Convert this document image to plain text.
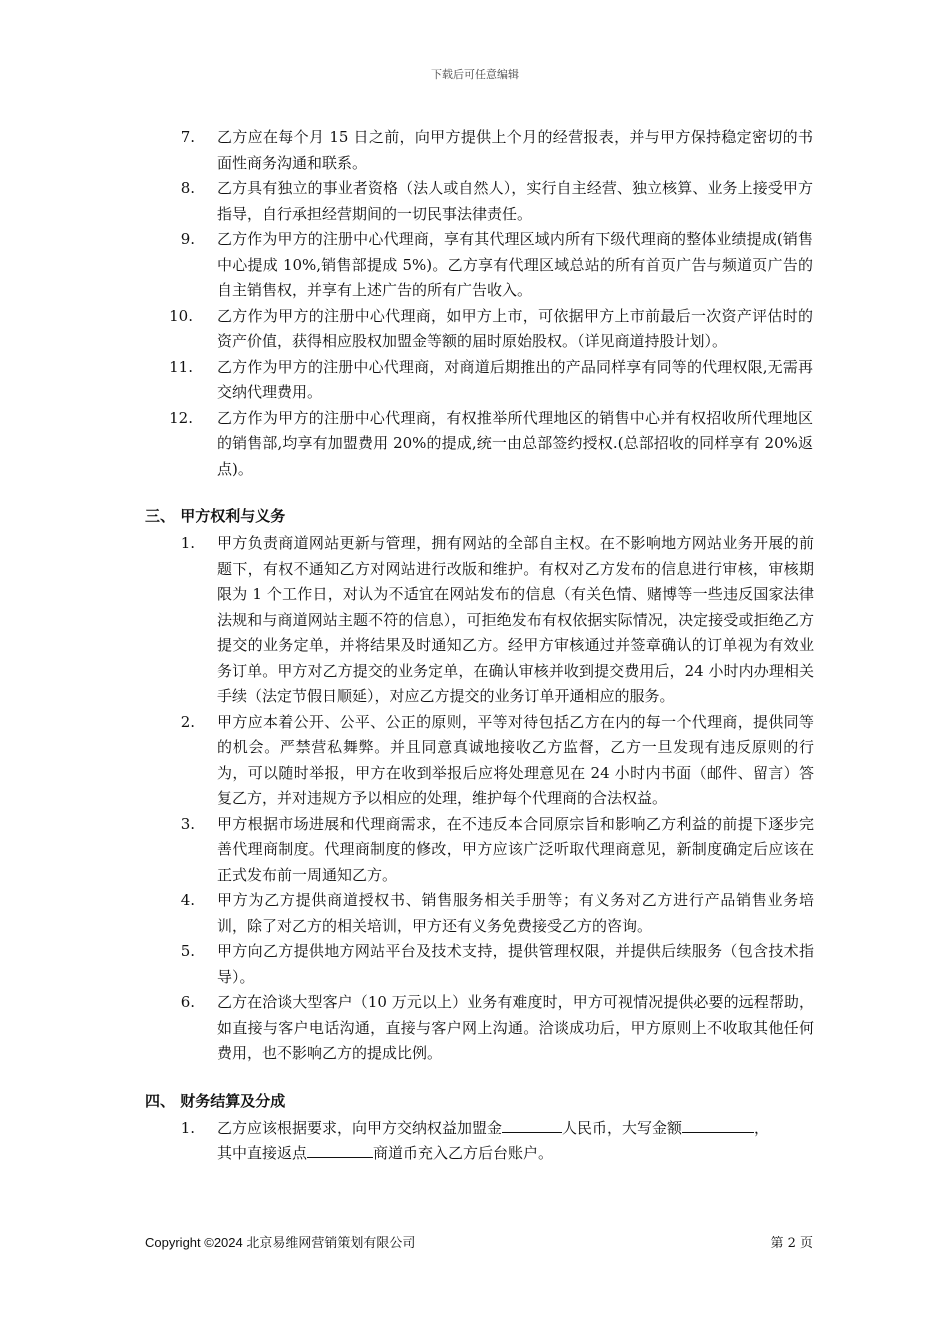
下载后可任意编辑
7. 乙方应在每个月 15 日之前，向甲方提供上个月的经营报表，并与甲方保持稳定密切的书面性商务沟通和联系。
8. 乙方具有独立的事业者资格（法人或自然人），实行自主经营、独立核算、业务上接受甲方指导，自行承担经营期间的一切民事法律责任。
9. 乙方作为甲方的注册中心代理商，享有其代理区域内所有下级代理商的整体业绩提成(销售中心提成 10%,销售部提成 5%)。乙方享有代理区域总站的所有首页广告与频道页广告的自主销售权，并享有上述广告的所有广告收入。
10. 乙方作为甲方的注册中心代理商，如甲方上市，可依据甲方上市前最后一次资产评估时的资产价值，获得相应股权加盟金等额的届时原始股权。（详见商道持股计划）。
11. 乙方作为甲方的注册中心代理商，对商道后期推出的产品同样享有同等的代理权限,无需再交纳代理费用。
12. 乙方作为甲方的注册中心代理商，有权推举所代理地区的销售中心并有权招收所代理地区的销售部,均享有加盟费用 20%的提成,统一由总部签约授权.(总部招收的同样享有 20%返点)。
三、 甲方权利与义务
1. 甲方负责商道网站更新与管理，拥有网站的全部自主权。在不影响地方网站业务开展的前题下，有权不通知乙方对网站进行改版和维护。有权对乙方发布的信息进行审核，审核期限为 1 个工作日，对认为不适宜在网站发布的信息（有关色情、赌博等一些违反国家法律法规和与商道网站主题不符的信息），可拒绝发布有权依据实际情况，决定接受或拒绝乙方提交的业务定单，并将结果及时通知乙方。经甲方审核通过并签章确认的订单视为有效业务订单。甲方对乙方提交的业务定单，在确认审核并收到提交费用后，24 小时内办理相关手续（法定节假日顺延），对应乙方提交的业务订单开通相应的服务。
2. 甲方应本着公开、公平、公正的原则，平等对待包括乙方在内的每一个代理商，提供同等的机会。严禁营私舞弊。并且同意真诚地接收乙方监督，乙方一旦发现有违反原则的行为，可以随时举报，甲方在收到举报后应将处理意见在 24 小时内书面（邮件、留言）答复乙方，并对违规方予以相应的处理，维护每个代理商的合法权益。
3. 甲方根据市场进展和代理商需求，在不违反本合同原宗旨和影响乙方利益的前提下逐步完善代理商制度。代理商制度的修改，甲方应该广泛听取代理商意见，新制度确定后应该在正式发布前一周通知乙方。
4. 甲方为乙方提供商道授权书、销售服务相关手册等；有义务对乙方进行产品销售业务培训，除了对乙方的相关培训，甲方还有义务免费接受乙方的咨询。
5. 甲方向乙方提供地方网站平台及技术支持，提供管理权限，并提供后续服务（包含技术指导）。
6. 乙方在洽谈大型客户（10 万元以上）业务有难度时，甲方可视情况提供必要的远程帮助，如直接与客户电话沟通，直接与客户网上沟通。洽谈成功后，甲方原则上不收取其他任何费用，也不影响乙方的提成比例。
四、 财务结算及分成
1. 乙方应该根据要求，向甲方交纳权益加盟金	人民币，大写金额	，
其中直接返点	商道币充入乙方后台账户。
Copyright ©2024 北京易维网营销策划有限公司	第 2 页
